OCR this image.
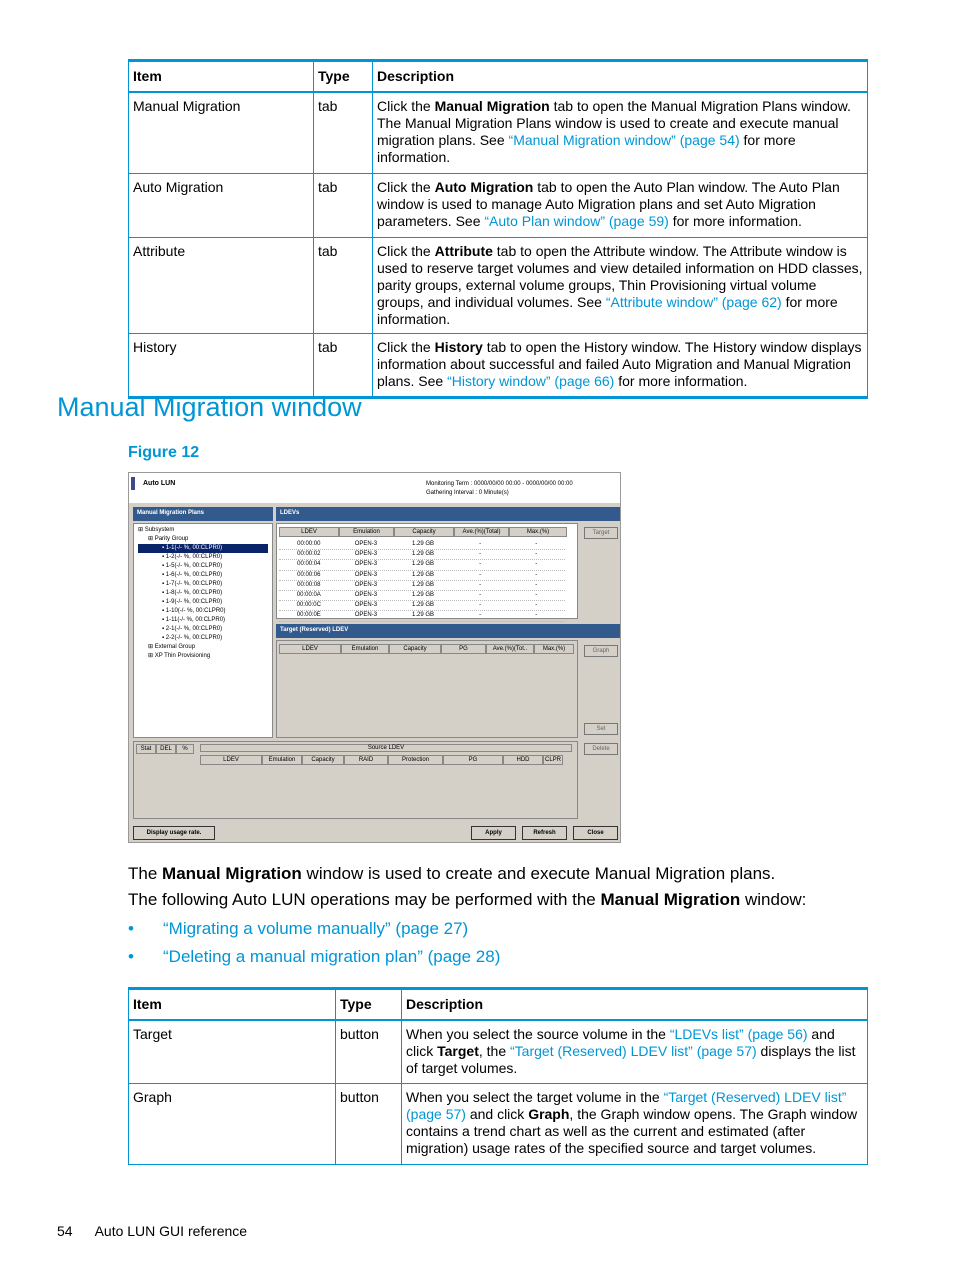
Item	Type	Description
Manual Migration	tab	Click the Manual Migration tab to open the Manual Migration Plans window. The Manual Migration Plans window is used to create and execute manual migration plans. See “Manual Migration window” (page 54) for more information.
Auto Migration	tab	Click the Auto Migration tab to open the Auto Plan window. The Auto Plan window is used to manage Auto Migration plans and set Auto Migration parameters. See “Auto Plan window” (page 59) for more information.
Attribute	tab	Click the Attribute tab to open the Attribute window. The Attribute window is used to reserve target volumes and view detailed information on HDD classes, parity groups, external volume groups, Thin Provisioning virtual volume groups, and individual volumes. See “Attribute window” (page 62) for more information.
History	tab	Click the History tab to open the History window. The History window displays information about successful and failed Auto Migration and Manual Migration plans. See “History window” (page 66) for more information.
Manual Migration window
Figure 12
Auto LUN	Monitoring Term : 0000/00/00 00:00 - 0000/00/00 00:00
Gathering Interval : 0 Minute(s)
Manual Migration Plans
⊞ Subsystem
⊞ Parity Group
▪ 1-1(-/- %, 00:CLPR0)
▪ 1-2(-/- %, 00:CLPR0)
▪ 1-5(-/- %, 00:CLPR0)
▪ 1-6(-/- %, 00:CLPR0)
▪ 1-7(-/- %, 00:CLPR0)
▪ 1-8(-/- %, 00:CLPR0)
▪ 1-9(-/- %, 00:CLPR0)
▪ 1-10(-/- %, 00:CLPR0)
▪ 1-11(-/- %, 00:CLPR0)
▪ 2-1(-/- %, 00:CLPR0)
▪ 2-2(-/- %, 00:CLPR0)
⊞ External Group
⊞ XP Thin Provisioning
LDEVs
LDEV	Emulation	Capacity	Ave.(%)(Total)	Max.(%)
00:00:00	OPEN-3	1.29 GB	-	-
00:00:02	OPEN-3	1.29 GB	-	-
00:00:04	OPEN-3	1.29 GB	-	-
00:00:06	OPEN-3	1.29 GB	-	-
00:00:08	OPEN-3	1.29 GB	-	-
00:00:0A	OPEN-3	1.29 GB	-	-
00:00:0C	OPEN-3	1.29 GB	-	-
00:00:0E	OPEN-3	1.29 GB	-	-
Target
Target (Reserved) LDEV
LDEV	Emulation	Capacity	PG	Ave.(%)(Tot..	Max.(%)	Graph
Set
Stat	DEL	%	Source LDEV
LDEV	Emulation	Capacity	RAID	Protection	PG	HDD	CLPR
Delete
Display usage rate.	Apply	Refresh	Close
The Manual Migration window is used to create and execute Manual Migration plans.
The following Auto LUN operations may be performed with the Manual Migration window:
• “Migrating a volume manually” (page 27)
• “Deleting a manual migration plan” (page 28)
Item	Type	Description
Target	button	When you select the source volume in the “LDEVs list” (page 56) and click Target, the “Target (Reserved) LDEV list” (page 57) displays the list of target volumes.
Graph	button	When you select the target volume in the “Target (Reserved) LDEV list” (page 57) and click Graph, the Graph window opens. The Graph window contains a trend chart as well as the current and estimated (after migration) usage rates of the specified source and target volumes.
54 Auto LUN GUI reference
